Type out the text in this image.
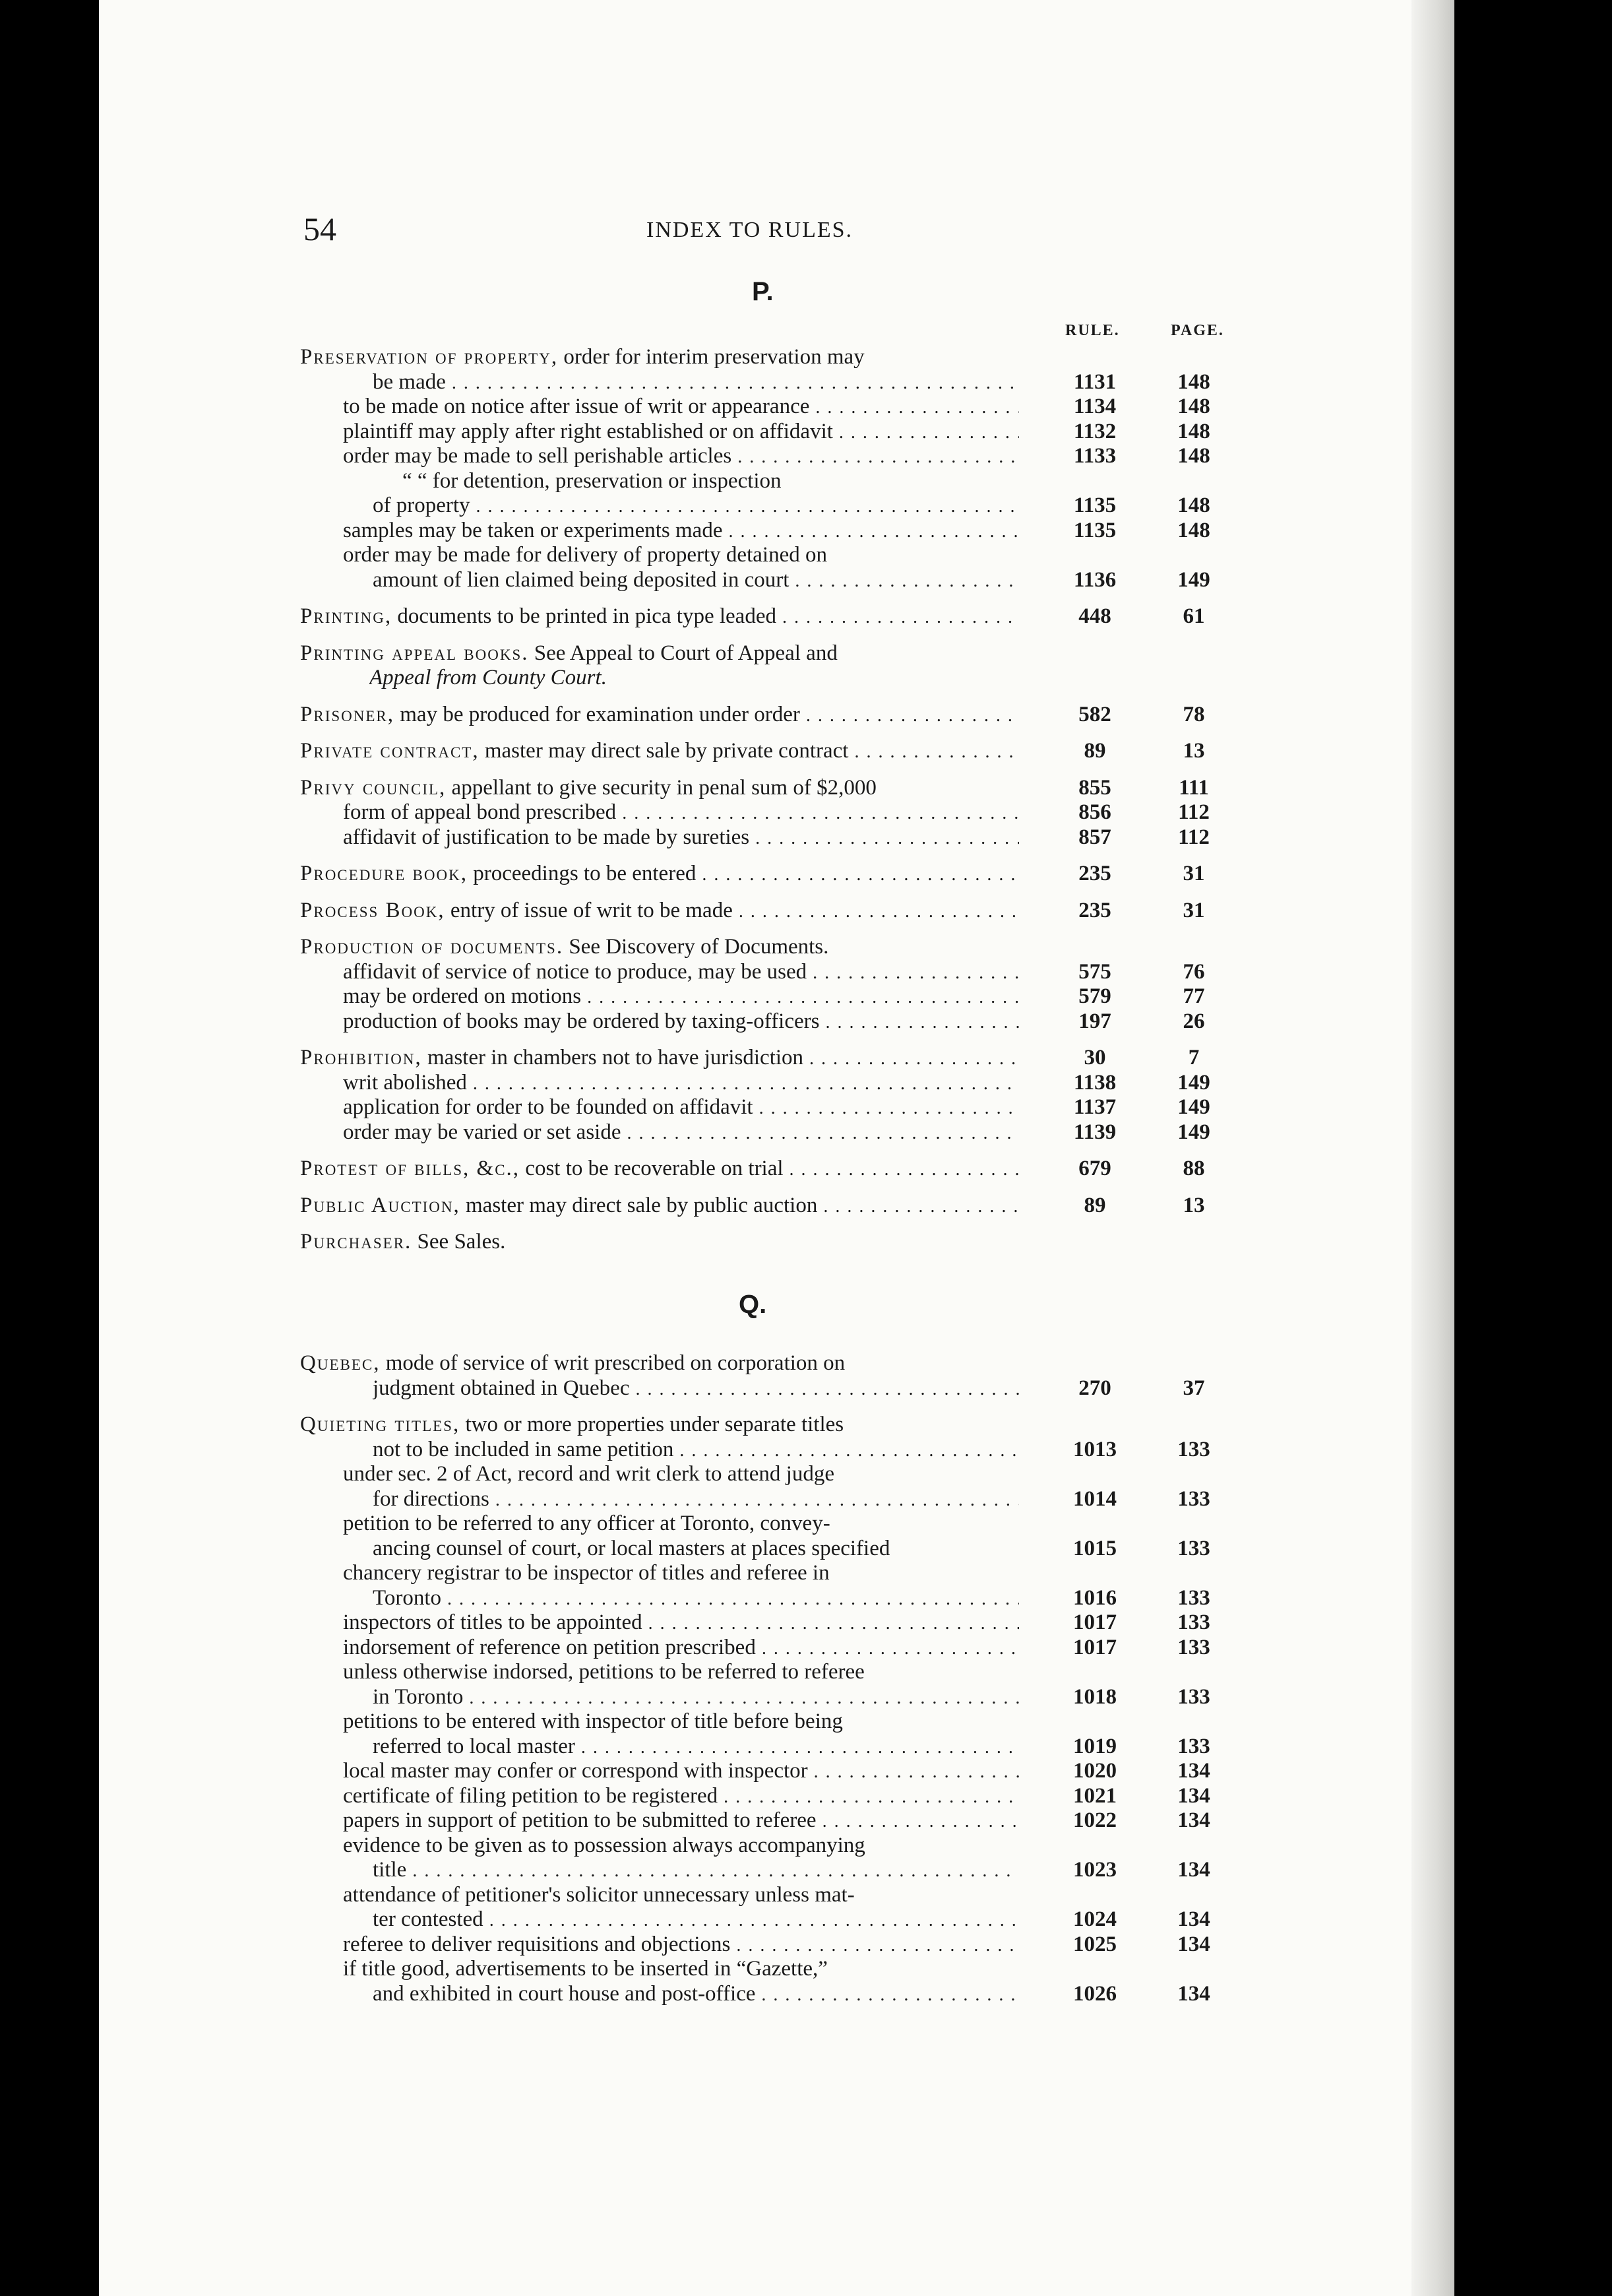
54	INDEX TO RULES.
P.
RULE.	PAGE.
Preservation of property, order for interim preservation may
be made . . .	1131	148
to be made on notice after issue of writ or appearance . . .	1134	148
plaintiff may apply after right established or on affidavit . . .	1132	148
order may be made to sell perishable articles . . .	1133	148
“ “ for detention, preservation or inspection
of property . . .	1135	148
samples may be taken or experiments made . . .	1135	148
order may be made for delivery of property detained on
amount of lien claimed being deposited in court . . .	1136	149
Printing, documents to be printed in pica type leaded . . .	448	61
Printing appeal books. See Appeal to Court of Appeal and
Appeal from County Court.
Prisoner, may be produced for examination under order . . .	582	78
Private contract, master may direct sale by private contract . . .	89	13
Privy council, appellant to give security in penal sum of $2,000	855	111
form of appeal bond prescribed . . .	856	112
affidavit of justification to be made by sureties . . .	857	112
Procedure book, proceedings to be entered . . .	235	31
Process Book, entry of issue of writ to be made . . .	235	31
Production of documents. See Discovery of Documents.
affidavit of service of notice to produce, may be used . . .	575	76
may be ordered on motions . . .	579	77
production of books may be ordered by taxing-officers . . .	197	26
Prohibition, master in chambers not to have jurisdiction . . .	30	7
writ abolished . . .	1138	149
application for order to be founded on affidavit . . .	1137	149
order may be varied or set aside . . .	1139	149
Protest of bills, &c., cost to be recoverable on trial . . .	679	88
Public Auction, master may direct sale by public auction . . .	89	13
Purchaser. See Sales.
Quebec, mode of service of writ prescribed on corporation on
judgment obtained in Quebec . . .	270	37
Quieting titles, two or more properties under separate titles
not to be included in same petition . . .	1013	133
under sec. 2 of Act, record and writ clerk to attend judge
for directions . . .	1014	133
petition to be referred to any officer at Toronto, convey-
ancing counsel of court, or local masters at places specified	1015	133
chancery registrar to be inspector of titles and referee in
Toronto . . .	1016	133
inspectors of titles to be appointed . . .	1017	133
indorsement of reference on petition prescribed . . .	1017	133
unless otherwise indorsed, petitions to be referred to referee
in Toronto . . .	1018	133
petitions to be entered with inspector of title before being
referred to local master . . .	1019	133
local master may confer or correspond with inspector . . .	1020	134
certificate of filing petition to be registered . . .	1021	134
papers in support of petition to be submitted to referee . . .	1022	134
evidence to be given as to possession always accompanying
title . . .	1023	134
attendance of petitioner's solicitor unnecessary unless mat-
ter contested . . .	1024	134
referee to deliver requisitions and objections . . .	1025	134
if title good, advertisements to be inserted in “Gazette,”
and exhibited in court house and post-office . . .	1026	134
Q.
